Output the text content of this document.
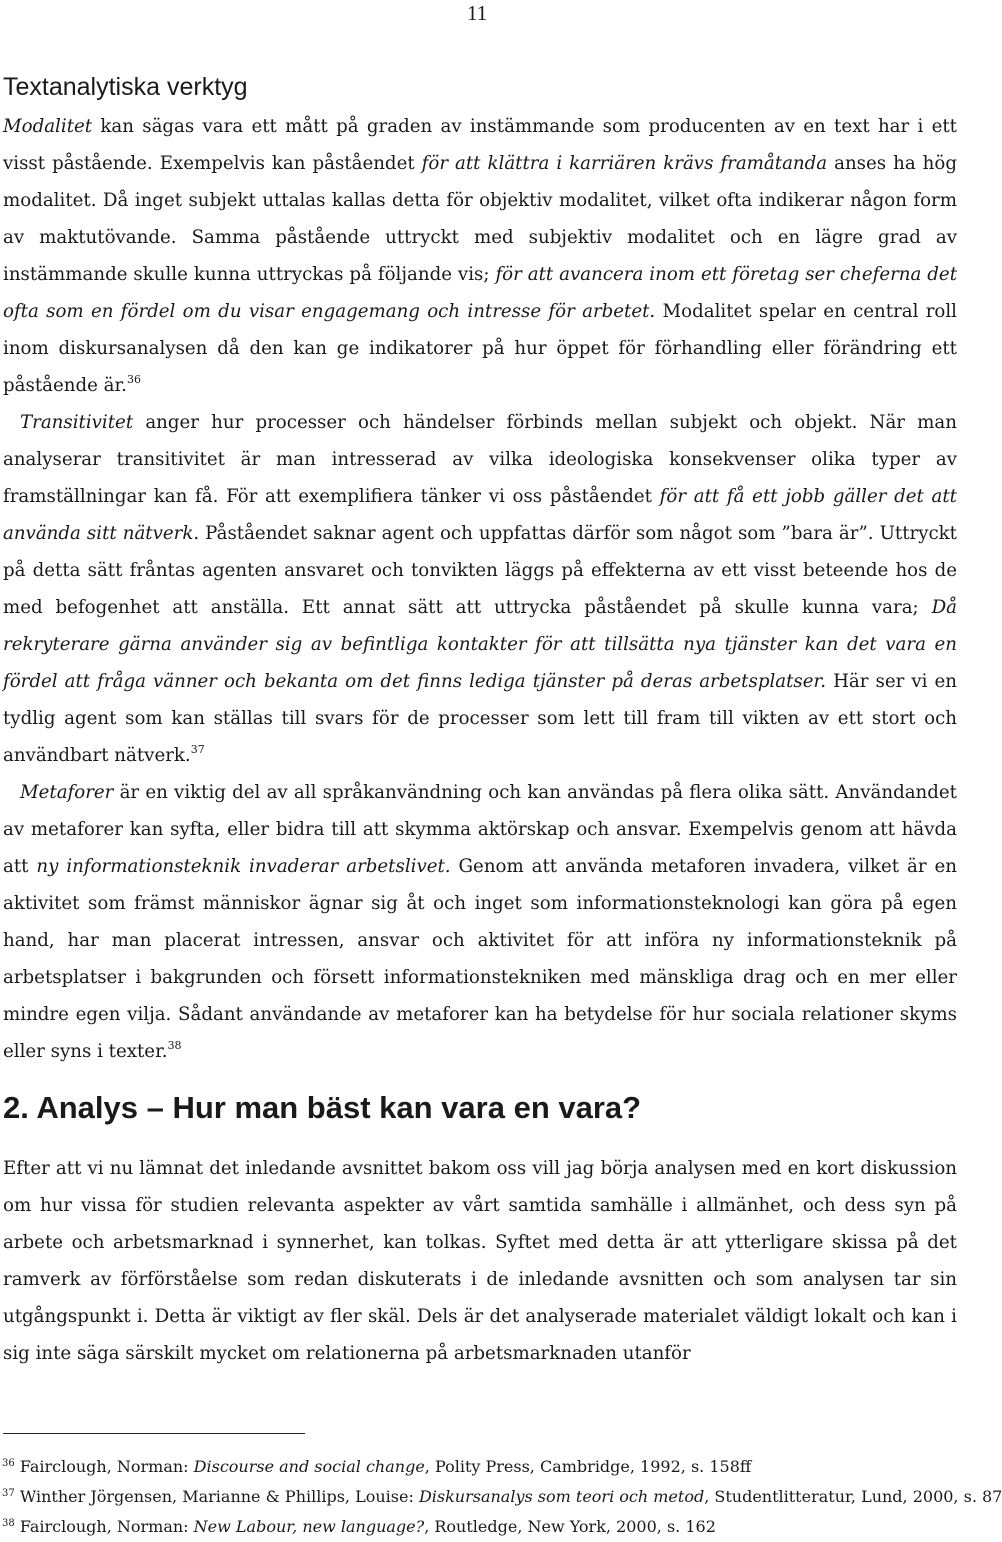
11
Textanalytiska verktyg

Modalitet kan sägas vara ett mått på graden av instämmande som producenten av en text har i ett visst påstående. Exempelvis kan påståendet för att klättra i karriären krävs framåtanda anses ha hög modalitet. Då inget subjekt uttalas kallas detta för objektiv modalitet, vilket ofta indikerar någon form av maktutövande. Samma påstående uttryckt med subjektiv modalitet och en lägre grad av instämmande skulle kunna uttryckas på följande vis; för att avancera inom ett företag ser cheferna det ofta som en fördel om du visar engagemang och intresse för arbetet. Modalitet spelar en central roll inom diskursanalysen då den kan ge indikatorer på hur öppet för förhandling eller förändring ett påstående är.$^{36}$

Transitivitet anger hur processer och händelser förbinds mellan subjekt och objekt. När man analyserar transitivitet är man intresserad av vilka ideologiska konsekvenser olika typer av framställningar kan få. För att exemplifiera tänker vi oss påståendet för att få ett jobb gäller det att använda sitt nätverk. Påståendet saknar agent och uppfattas därför som något som ”bara är”. Uttryckt på detta sätt fråntas agenten ansvaret och tonvikten läggs på effekterna av ett visst beteende hos de med befogenhet att anställa. Ett annat sätt att uttrycka påståendet på skulle kunna vara; Då rekryterare gärna använder sig av befintliga kontakter för att tillsätta nya tjänster kan det vara en fördel att fråga vänner och bekanta om det finns lediga tjänster på deras arbetsplatser. Här ser vi en tydlig agent som kan ställas till svars för de processer som lett till fram till vikten av ett stort och användbart nätverk.$^{37}$

Metaforer är en viktig del av all språkanvändning och kan användas på flera olika sätt. Användandet av metaforer kan syfta, eller bidra till att skymma aktörskap och ansvar. Exempelvis genom att hävda att ny informationsteknik invaderar arbetslivet. Genom att använda metaforen invadera, vilket är en aktivitet som främst människor ägnar sig åt och inget som informationsteknologi kan göra på egen hand, har man placerat intressen, ansvar och aktivitet för att införa ny informationsteknik på arbetsplatser i bakgrunden och försett informationstekniken med mänskliga drag och en mer eller mindre egen vilja. Sådant användande av metaforer kan ha betydelse för hur sociala relationer skyms eller syns i texter.$^{38}$

2. Analys – Hur man bäst kan vara en vara?

Efter att vi nu lämnat det inledande avsnittet bakom oss vill jag börja analysen med en kort diskussion om hur vissa för studien relevanta aspekter av vårt samtida samhälle i allmänhet, och dess syn på arbete och arbetsmarknad i synnerhet, kan tolkas. Syftet med detta är att ytterligare skissa på det ramverk av förförståelse som redan diskuterats i de inledande avsnitten och som analysen tar sin utgångspunkt i. Detta är viktigt av fler skäl. Dels är det analyserade materialet väldigt lokalt och kan i sig inte säga särskilt mycket om relationerna på arbetsmarknaden utanför

$^{36}$ Fairclough, Norman: Discourse and social change, Polity Press, Cambridge, 1992, s. 158ff
$^{37}$ Winther Jörgensen, Marianne & Phillips, Louise: Diskursanalys som teori och metod, Studentlitteratur, Lund, 2000, s. 87
$^{38}$ Fairclough, Norman: New Labour, new language?, Routledge, New York, 2000, s. 162
